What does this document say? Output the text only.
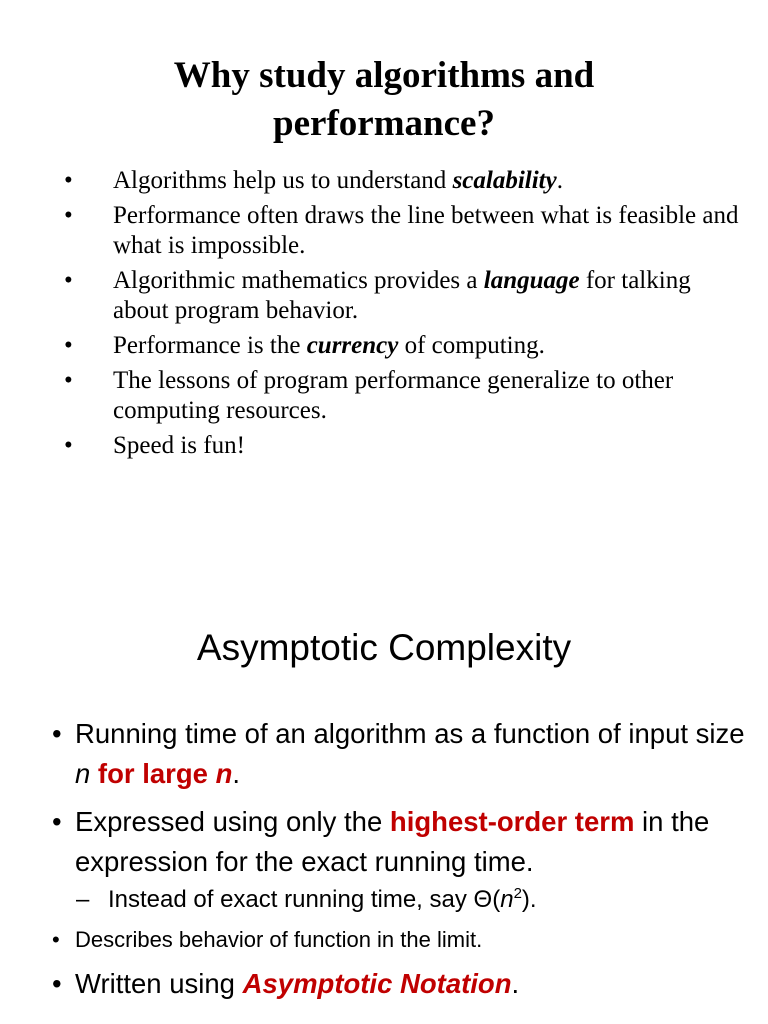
Why study algorithms and
performance?
• Algorithms help us to understand scalability.
• Performance often draws the line between what is feasible and what is impossible.
• Algorithmic mathematics provides a language for talking about program behavior.
• Performance is the currency of computing.
• The lessons of program performance generalize to other computing resources.
• Speed is fun!
Asymptotic Complexity
• Running time of an algorithm as a function of input size n for large n.
• Expressed using only the highest-order term in the expression for the exact running time.
– Instead of exact running time, say $\Theta(n^2)$.
• Describes behavior of function in the limit.
• Written using Asymptotic Notation.
